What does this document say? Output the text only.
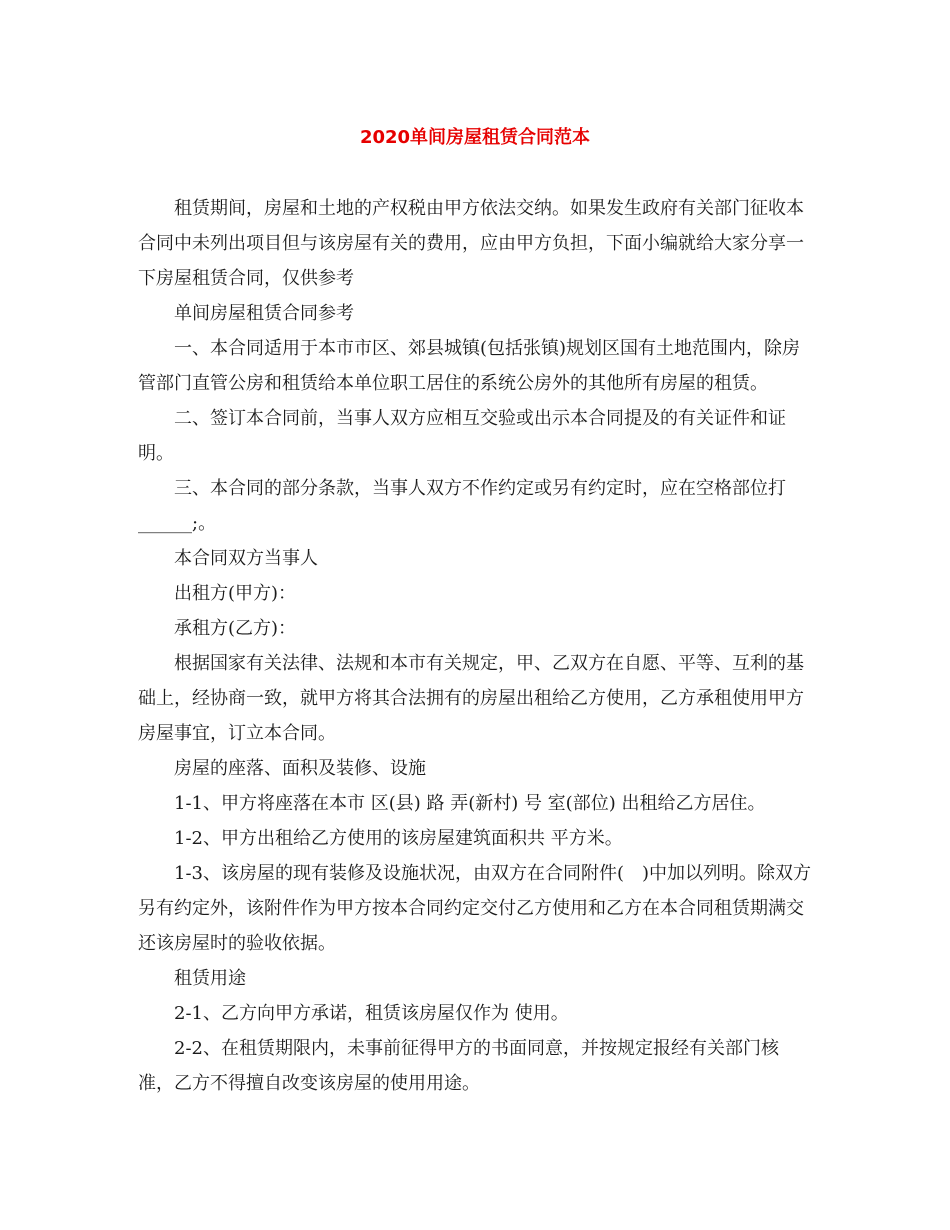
2020单间房屋租赁合同范本

租赁期间，房屋和土地的产权税由甲方依法交纳。如果发生政府有关部门征收本合同中未列出项目但与该房屋有关的费用，应由甲方负担，下面小编就给大家分享一下房屋租赁合同，仅供参考

单间房屋租赁合同参考

一、本合同适用于本市市区、郊县城镇(包括张镇)规划区国有土地范围内，除房管部门直管公房和租赁给本单位职工居住的系统公房外的其他所有房屋的租赁。

二、签订本合同前，当事人双方应相互交验或出示本合同提及的有关证件和证明。

三、本合同的部分条款，当事人双方不作约定或另有约定时，应在空格部位打______;。

本合同双方当事人

出租方(甲方)：

承租方(乙方)：

根据国家有关法律、法规和本市有关规定，甲、乙双方在自愿、平等、互利的基础上，经协商一致，就甲方将其合法拥有的房屋出租给乙方使用，乙方承租使用甲方房屋事宜，订立本合同。

房屋的座落、面积及装修、设施

1-1、甲方将座落在本市 区(县) 路 弄(新村) 号 室(部位) 出租给乙方居住。

1-2、甲方出租给乙方使用的该房屋建筑面积共 平方米。

1-3、该房屋的现有装修及设施状况，由双方在合同附件(　)中加以列明。除双方另有约定外，该附件作为甲方按本合同约定交付乙方使用和乙方在本合同租赁期满交还该房屋时的验收依据。

租赁用途

2-1、乙方向甲方承诺，租赁该房屋仅作为 使用。

2-2、在租赁期限内，未事前征得甲方的书面同意，并按规定报经有关部门核准，乙方不得擅自改变该房屋的使用用途。
